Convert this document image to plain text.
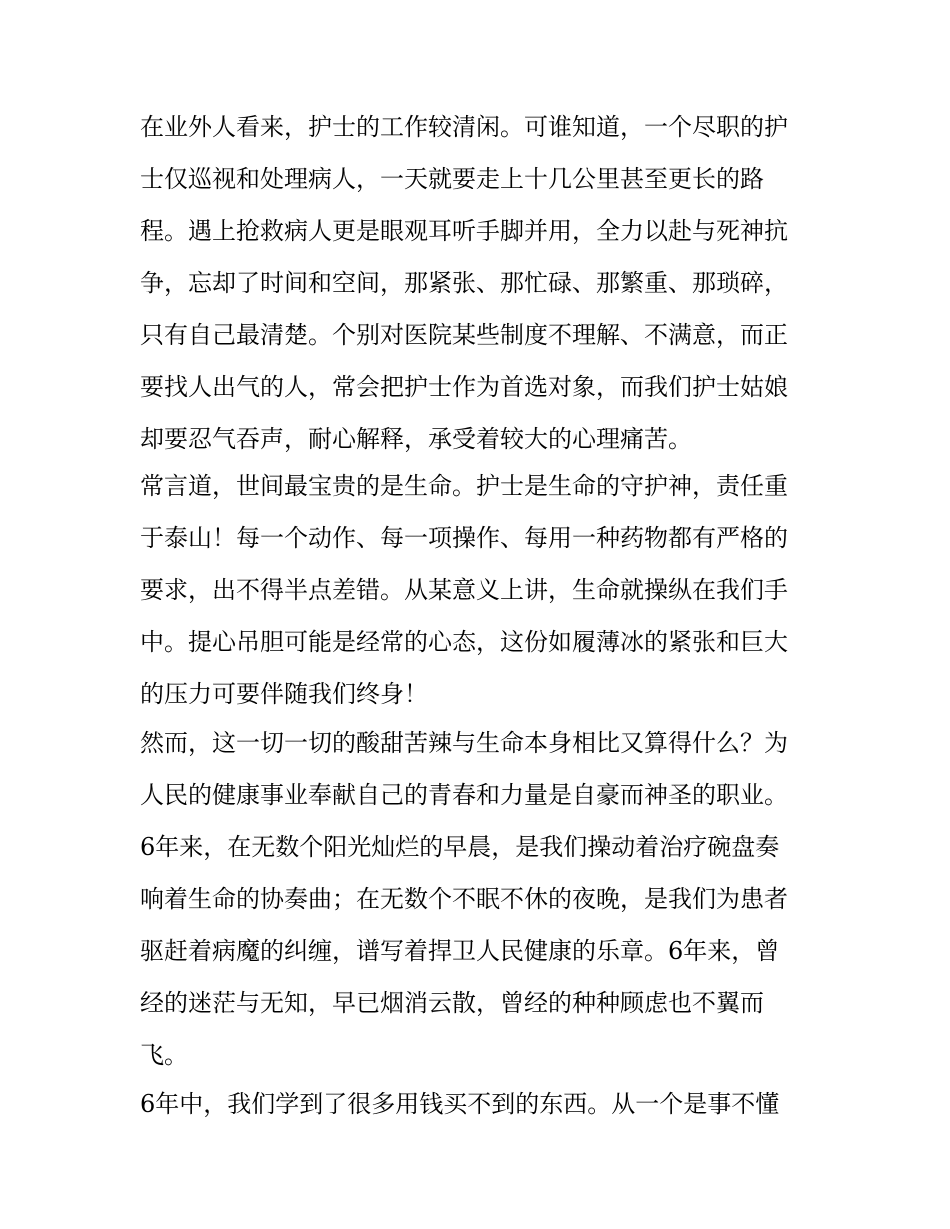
在业外人看来，护士的工作较清闲。可谁知道，一个尽职的护
士仅巡视和处理病人，一天就要走上十几公里甚至更长的路
程。遇上抢救病人更是眼观耳听手脚并用，全力以赴与死神抗
争，忘却了时间和空间，那紧张、那忙碌、那繁重、那琐碎，
只有自己最清楚。个别对医院某些制度不理解、不满意，而正
要找人出气的人，常会把护士作为首选对象，而我们护士姑娘
却要忍气吞声，耐心解释，承受着较大的心理痛苦。
常言道，世间最宝贵的是生命。护士是生命的守护神，责任重
于泰山！每一个动作、每一项操作、每用一种药物都有严格的
要求，出不得半点差错。从某意义上讲，生命就操纵在我们手
中。提心吊胆可能是经常的心态，这份如履薄冰的紧张和巨大
的压力可要伴随我们终身！
然而，这一切一切的酸甜苦辣与生命本身相比又算得什么？为
人民的健康事业奉献自己的青春和力量是自豪而神圣的职业。
6年来，在无数个阳光灿烂的早晨，是我们操动着治疗碗盘奏
响着生命的协奏曲；在无数个不眠不休的夜晚，是我们为患者
驱赶着病魔的纠缠，谱写着捍卫人民健康的乐章。6年来，曾
经的迷茫与无知，早已烟消云散，曾经的种种顾虑也不翼而
飞。
6年中，我们学到了很多用钱买不到的东西。从一个是事不懂
